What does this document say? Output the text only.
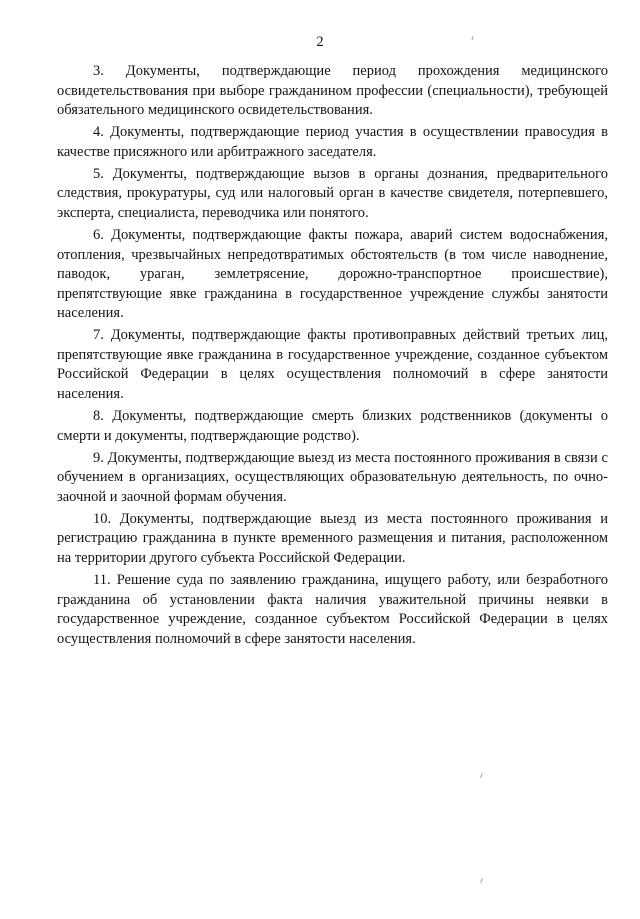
2

3. Документы, подтверждающие период прохождения медицинского освидетельствования при выборе гражданином профессии (специальности), требующей обязательного медицинского освидетельствования.

4. Документы, подтверждающие период участия в осуществлении правосудия в качестве присяжного или арбитражного заседателя.

5. Документы, подтверждающие вызов в органы дознания, предварительного следствия, прокуратуры, суд или налоговый орган в качестве свидетеля, потерпевшего, эксперта, специалиста, переводчика или понятого.

6. Документы, подтверждающие факты пожара, аварий систем водоснабжения, отопления, чрезвычайных непредотвратимых обстоятельств (в том числе наводнение, паводок, ураган, землетрясение, дорожно-транспортное происшествие), препятствующие явке гражданина в государственное учреждение службы занятости населения.

7. Документы, подтверждающие факты противоправных действий третьих лиц, препятствующие явке гражданина в государственное учреждение, созданное субъектом Российской Федерации в целях осуществления полномочий в сфере занятости населения.

8. Документы, подтверждающие смерть близких родственников (документы о смерти и документы, подтверждающие родство).

9. Документы, подтверждающие выезд из места постоянного проживания в связи с обучением в организациях, осуществляющих образовательную деятельность, по очно-заочной и заочной формам обучения.

10. Документы, подтверждающие выезд из места постоянного проживания и регистрацию гражданина в пункте временного размещения и питания, расположенном на территории другого субъекта Российской Федерации.

11. Решение суда по заявлению гражданина, ищущего работу, или безработного гражданина об установлении факта наличия уважительной причины неявки в государственное учреждение, созданное субъектом Российской Федерации в целях осуществления полномочий в сфере занятости населения.
